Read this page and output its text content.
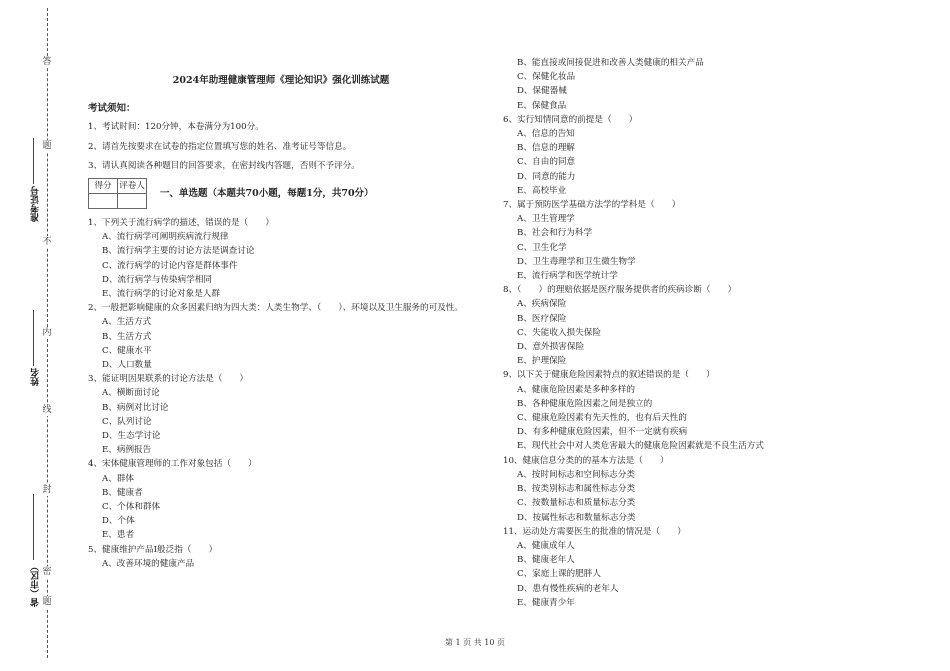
答
题
不
内
线
封
密
题
准考证号
姓名
省（市区）
2024年助理健康管理师《理论知识》强化训练试题
考试须知：
1、考试时间：120分钟，本卷满分为100分。
2、请首先按要求在试卷的指定位置填写您的姓名、准考证号等信息。
3、请认真阅读各种题目的回答要求，在密封线内答题，否则不予评分。
得分	评卷人

一、单选题（本题共70小题，每题1分，共70分）
1、下列关于流行病学的描述，错误的是（　　）
A、流行病学可阐明疾病流行规律
B、流行病学主要的讨论方法是调查讨论
C、流行病学的讨论内容是群体事件
D、流行病学与传染病学相同
E、流行病学的讨论对象是人群
2、一般把影响健康的众多因素归纳为四大类：人类生物学、（　　）、环境以及卫生服务的可及性。
A、生活方式
B、生活方式
C、健康水平
D、人口数量
3、能证明因果联系的讨论方法是（　　）
A、横断面讨论
B、病例对比讨论
C、队列讨论
D、生态学讨论
E、病例报告
4、宋体健康管理师的工作对象包括（　　）
A、群体
B、健康者
C、个体和群体
D、个体
E、患者
5、健康维护产品Ⅰ般泛指（　　）
A、改善环境的健康产品
B、能直接或间接促进和改善人类健康的相关产品
C、保健化妆品
D、保健器械
E、保健食品
6、实行知情同意的前提是（　　）
A、信息的告知
B、信息的理解
C、自由的同意
D、同意的能力
E、高校毕业
7、属于预防医学基础方法学的学科是（　　）
A、卫生管理学
B、社会和行为科学
C、卫生化学
D、卫生毒理学和卫生微生物学
E、流行病学和医学统计学
8、（　　）的理赔依据是医疗服务提供者的疾病诊断（　　）
A、疾病保险
B、医疗保险
C、失能收入损失保险
D、意外损害保险
E、护理保险
9、以下关于健康危险因素特点的叙述错误的是（　　）
A、健康危险因素是多种多样的
B、各种健康危险因素之间是独立的
C、健康危险因素有先天性的，也有后天性的
D、有多种健康危险因素，但不一定就有疾病
E、现代社会中对人类危害最大的健康危险因素就是不良生活方式
10、健康信息分类的的基本方法是（　　）
A、按时间标志和空间标志分类
B、按类别标志和属性标志分类
C、按数量标志和质量标志分类
D、按属性标志和数量标志分类
11、运动处方需要医生的批准的情况是（　　）
A、健康成年人
B、健康老年人
C、家庭上课的肥胖人
D、患有慢性疾病的老年人
E、健康青少年
第 1 页 共 10 页
